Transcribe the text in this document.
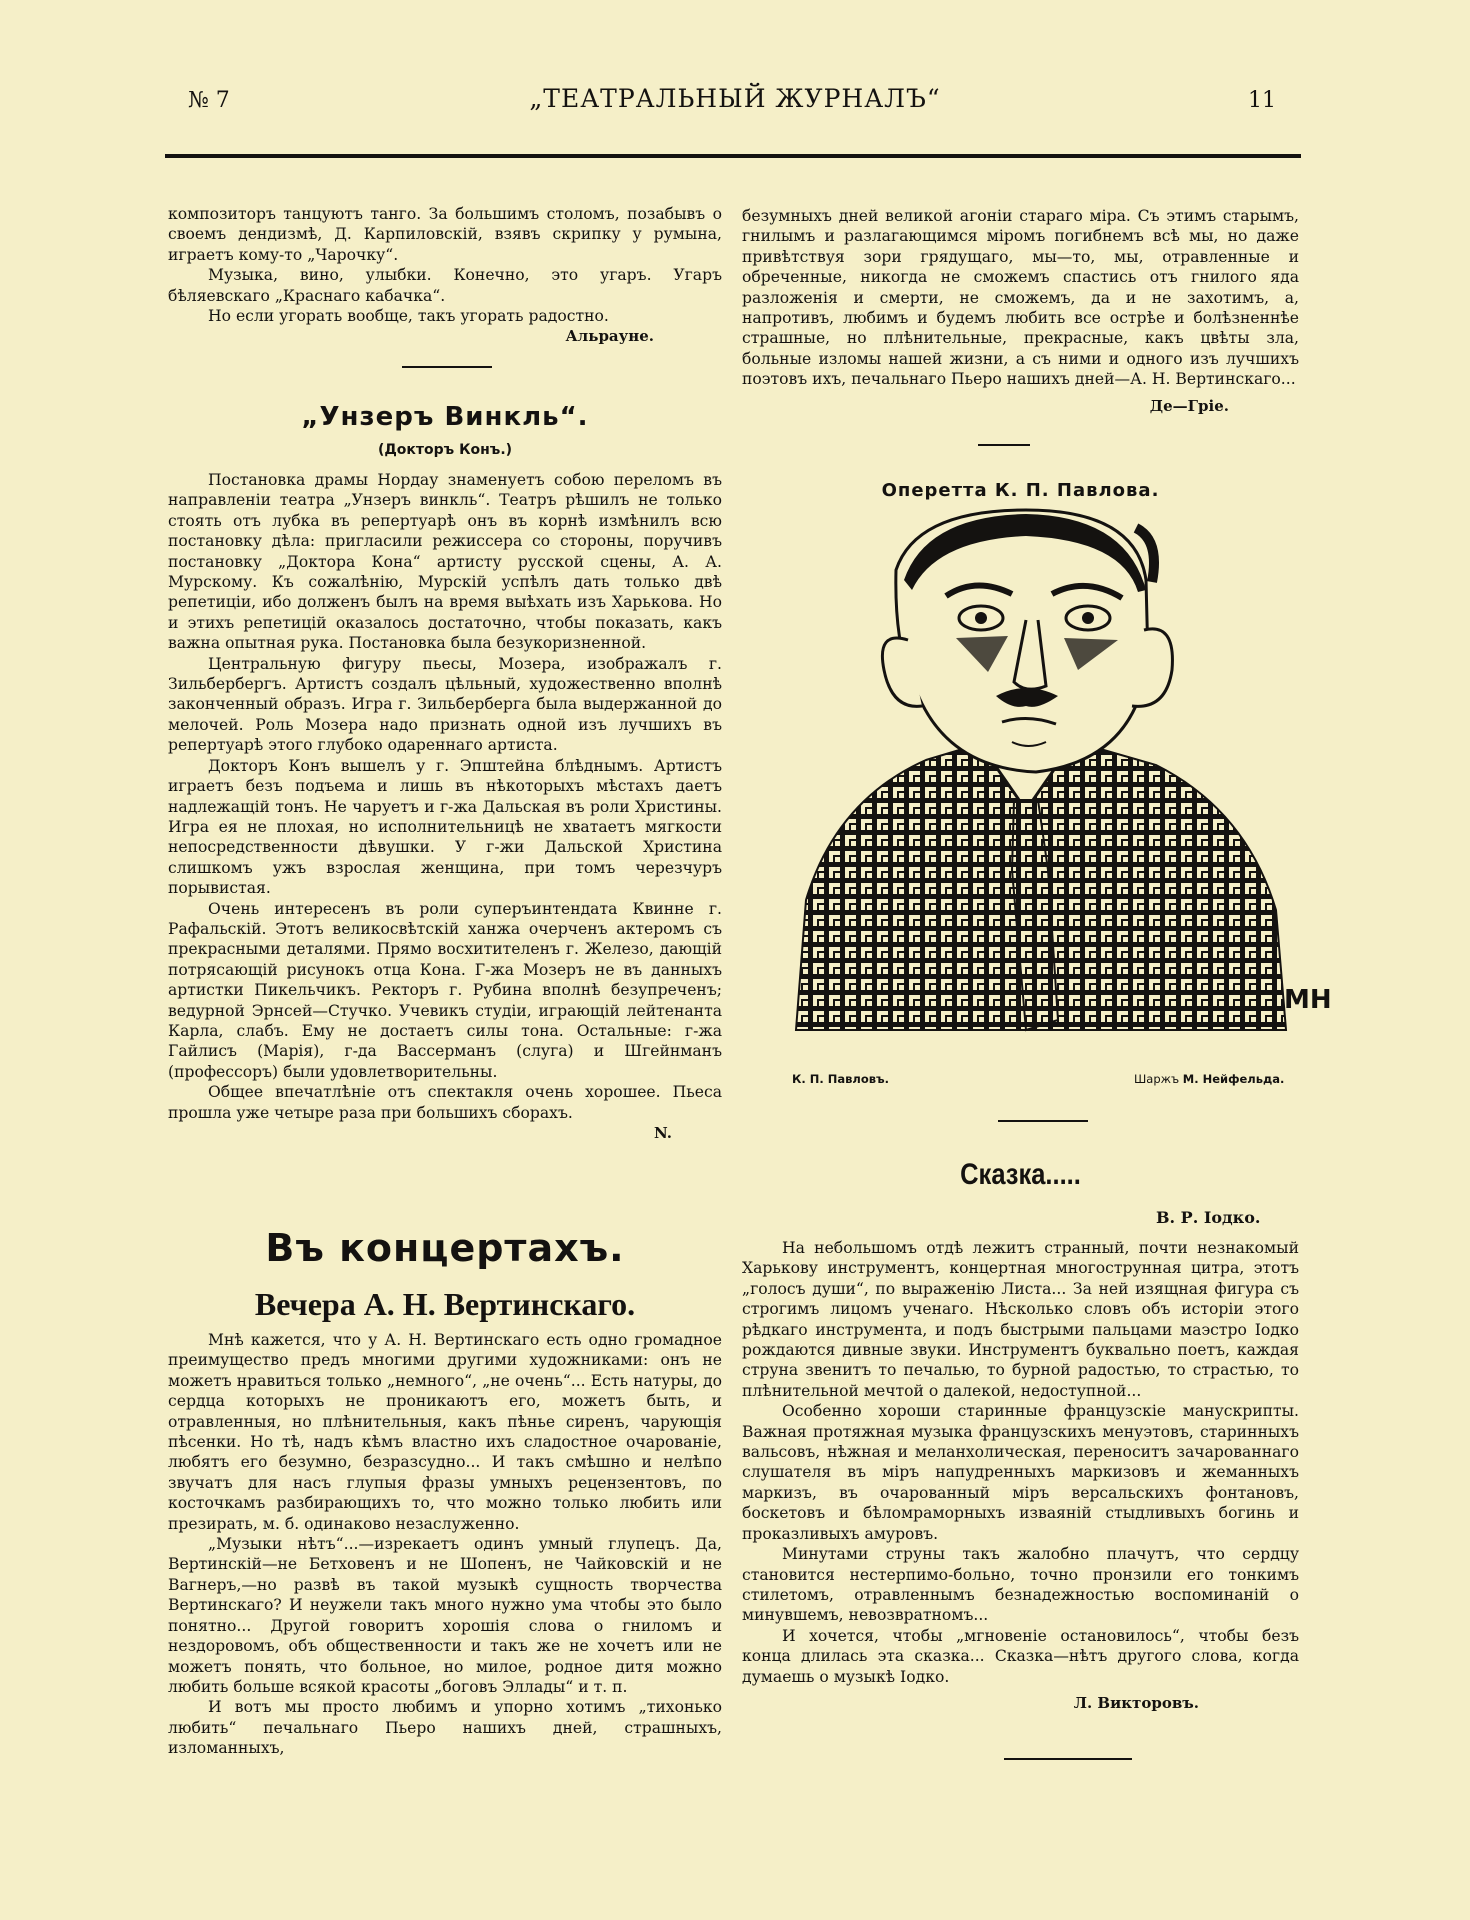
№ 7	„ТЕАТРАЛЬНЫЙ ЖУРНАЛЪ“	11

композиторъ танцуютъ танго. За большимъ столомъ, позабывъ о своемъ дендизмѣ, Д. Карпиловскій, взявъ скрипку у румына, играетъ кому-то „Чарочку“.

Музыка, вино, улыбки. Конечно, это угаръ. Угаръ бѣляевскаго „Краснаго кабачка“.

Но если угорать вообще, такъ угорать радостно.

Альрауне.
„Унзеръ Винкль“.
(Докторъ Конъ.)

Постановка драмы Нордау знаменуетъ собою переломъ въ направленіи театра „Унзеръ винкль“. Театръ рѣшилъ не только стоять отъ лубка въ репертуарѣ онъ въ корнѣ измѣнилъ всю постановку дѣла: пригласили режиссера со стороны, поручивъ постановку „Доктора Кона“ артисту русской сцены, А. А. Мурскому. Къ сожалѣнію, Мурскій успѣлъ дать только двѣ репетиціи, ибо долженъ былъ на время выѣхать изъ Харькова. Но и этихъ репетицій оказалось достаточно, чтобы показать, какъ важна опытная рука. Постановка была безукоризненной.

Центральную фигуру пьесы, Мозера, изображалъ г. Зильбербергъ. Артистъ создалъ цѣльный, художественно вполнѣ законченный образъ. Игра г. Зильберберга была выдержанной до мелочей. Роль Мозера надо признать одной изъ лучшихъ въ репертуарѣ этого глубоко одареннаго артиста.

Докторъ Конъ вышелъ у г. Эпштейна блѣднымъ. Артистъ играетъ безъ подъема и лишь въ нѣкоторыхъ мѣстахъ даетъ надлежащій тонъ. Не чаруетъ и г-жа Дальская въ роли Христины. Игра ея не плохая, но исполнительницѣ не хватаетъ мягкости непосредственности дѣвушки. У г-жи Дальской Христина слишкомъ ужъ взрослая женщина, при томъ черезчуръ порывистая.

Очень интересенъ въ роли суперъинтендата Квинне г. Рафальскій. Этотъ великосвѣтскій ханжа очерченъ актеромъ съ прекрасными деталями. Прямо восхитителенъ г. Железо, дающій потрясающій рисунокъ отца Кона. Г-жа Мозеръ не въ данныхъ артистки Пикельчикъ. Ректоръ г. Рубина вполнѣ безупреченъ; ведурной Эрнсей—Стучко. Учевикъ студіи, играющій лейтенанта Карла, слабъ. Ему не достаетъ силы тона. Остальные: г-жа Гайлисъ (Марія), г-да Вассерманъ (слуга) и Шгейнманъ (профессоръ) были удовлетворительны.

Общее впечатлѣніе отъ спектакля очень хорошее. Пьеса прошла уже четыре раза при большихъ сборахъ.

N.
Въ концертахъ.
Вечера А. Н. Вертинскаго.

Мнѣ кажется, что у А. Н. Вертинскаго есть одно громадное преимущество предъ многими другими художниками: онъ не можетъ нравиться только „немного“, „не очень“... Есть натуры, до сердца которыхъ не проникаютъ его, можетъ быть, и отравленныя, но плѣнительныя, какъ пѣнье сиренъ, чарующія пѣсенки. Но тѣ, надъ кѣмъ властно ихъ сладостное очарованіе, любятъ его безумно, безразсудно... И такъ смѣшно и нелѣпо звучатъ для насъ глупыя фразы умныхъ рецензентовъ, по косточкамъ разбирающихъ то, что можно только любить или презирать, м. б. одинаково незаслуженно.

„Музыки нѣтъ“...—изрекаетъ одинъ умный глупецъ. Да, Вертинскій—не Бетховенъ и не Шопенъ, не Чайковскій и не Вагнеръ,—но развѣ въ такой музыкѣ сущность творчества Вертинскаго? И неужели такъ много нужно ума чтобы это было понятно... Другой говоритъ хорошія слова о гниломъ и нездоровомъ, объ общественности и такъ же не хочетъ или не можетъ понять, что больное, но милое, родное дитя можно любить больше всякой красоты „боговъ Эллады“ и т. п.

И вотъ мы просто любимъ и упорно хотимъ „тихонько любить“ печальнаго Пьеро нашихъ дней, страшныхъ, изломанныхъ,

безумныхъ дней великой агоніи стараго міра. Съ этимъ старымъ, гнилымъ и разлагающимся міромъ погибнемъ всѣ мы, но даже привѣтствуя зори грядущаго, мы—то, мы, отравленные и обреченные, никогда не сможемъ спастись отъ гнилого яда разложенія и смерти, не сможемъ, да и не захотимъ, а, напротивъ, любимъ и будемъ любить все острѣе и болѣзненнѣе страшные, но плѣнительные, прекрасные, какъ цвѣты зла, больные изломы нашей жизни, а съ ними и одного изъ лучшихъ поэтовъ ихъ, печальнаго Пьеро нашихъ дней—А. Н. Вертинскаго...

Де—Гріе.
Оперетта К. П. Павлова.
МН
К. П. Павловъ.	Шаржъ М. Нейфельда.
Сказка.....
В. Р. Іодко.

На небольшомъ отдѣ лежитъ странный, почти незнакомый Харькову инструментъ, концертная многострунная цитра, этотъ „голосъ души“, по выраженію Листа... За ней изящная фигура съ строгимъ лицомъ ученаго. Нѣсколько словъ объ исторіи этого рѣдкаго инструмента, и подъ быстрыми пальцами маэстро Іодко рождаются дивные звуки. Инструментъ буквально поетъ, каждая струна звенитъ то печалью, то бурной радостью, то страстью, то плѣнительной мечтой о далекой, недоступной...

Особенно хороши старинные французскіе манускрипты. Важная протяжная музыка французскихъ менуэтовъ, старинныхъ вальсовъ, нѣжная и меланхолическая, переноситъ зачарованнаго слушателя въ міръ напудренныхъ маркизовъ и жеманныхъ маркизъ, въ очарованный міръ версальскихъ фонтановъ, боскетовъ и бѣломраморныхъ изваяній стыдливыхъ богинь и проказливыхъ амуровъ.

Минутами струны такъ жалобно плачутъ, что сердцу становится нестерпимо-больно, точно пронзили его тонкимъ стилетомъ, отравленнымъ безнадежностью воспоминаній о минувшемъ, невозвратномъ...

И хочется, чтобы „мгновеніе остановилось“, чтобы безъ конца длилась эта сказка... Сказка—нѣтъ другого слова, когда думаешь о музыкѣ Іодко.

Л. Викторовъ.
